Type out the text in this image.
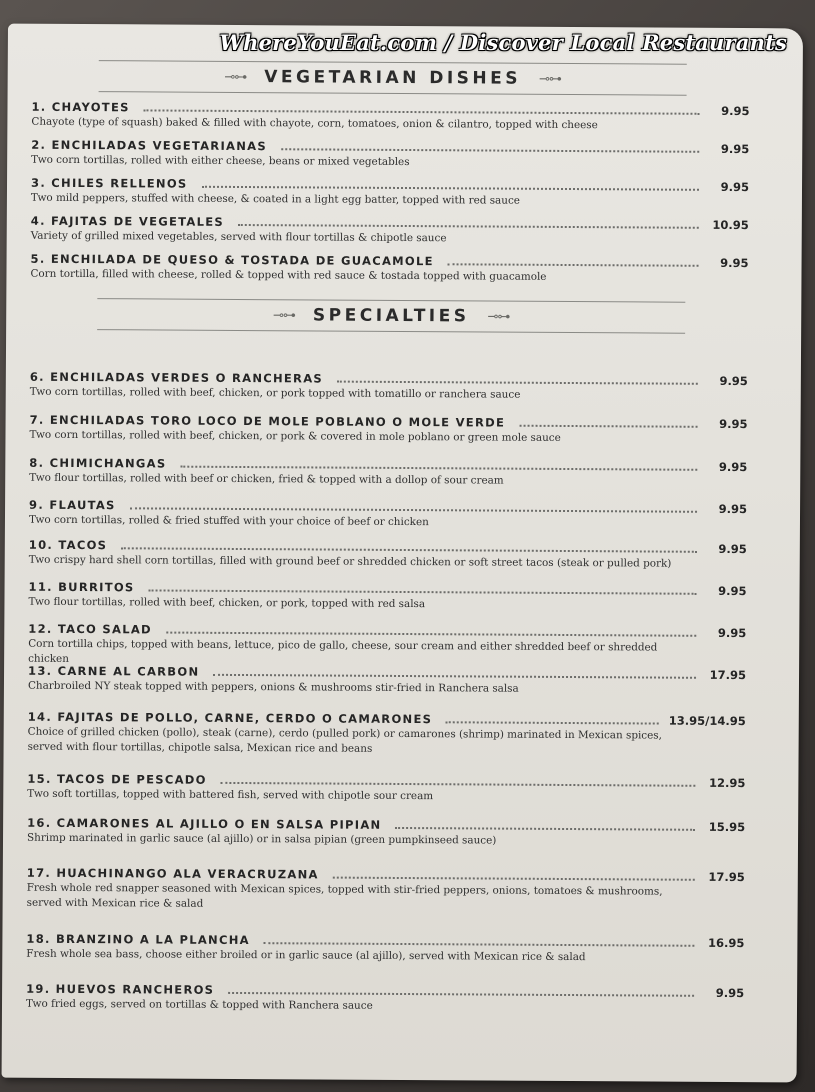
⊸⊶ VEGETARIAN DISHES ⊸⊶
1. CHAYOTES	9.95
Chayote (type of squash) baked & filled with chayote, corn, tomatoes, onion & cilantro, topped with cheese
2. ENCHILADAS VEGETARIANAS	9.95
Two corn tortillas, rolled with either cheese, beans or mixed vegetables
3. CHILES RELLENOS	9.95
Two mild peppers, stuffed with cheese, & coated in a light egg batter, topped with red sauce
4. FAJITAS DE VEGETALES	10.95
Variety of grilled mixed vegetables, served with flour tortillas & chipotle sauce
5. ENCHILADA DE QUESO & TOSTADA DE GUACAMOLE	9.95
Corn tortilla, filled with cheese, rolled & topped with red sauce & tostada topped with guacamole
⊸⊶ SPECIALTIES ⊸⊶
6. ENCHILADAS VERDES O RANCHERAS	9.95
Two corn tortillas, rolled with beef, chicken, or pork topped with tomatillo or ranchera sauce
7. ENCHILADAS TORO LOCO DE MOLE POBLANO O MOLE VERDE	9.95
Two corn tortillas, rolled with beef, chicken, or pork & covered in mole poblano or green mole sauce
8. CHIMICHANGAS	9.95
Two flour tortillas, rolled with beef or chicken, fried & topped with a dollop of sour cream
9. FLAUTAS	9.95
Two corn tortillas, rolled & fried stuffed with your choice of beef or chicken
10. TACOS	9.95
Two crispy hard shell corn tortillas, filled with ground beef or shredded chicken or soft street tacos (steak or pulled pork)
11. BURRITOS	9.95
Two flour tortillas, rolled with beef, chicken, or pork, topped with red salsa
12. TACO SALAD	9.95
Corn tortilla chips, topped with beans, lettuce, pico de gallo, cheese, sour cream and either shredded beef or shredded chicken
13. CARNE AL CARBON	17.95
Charbroiled NY steak topped with peppers, onions & mushrooms stir-fried in Ranchera salsa
14. FAJITAS DE POLLO, CARNE, CERDO O CAMARONES	13.95/14.95
Choice of grilled chicken (pollo), steak (carne), cerdo (pulled pork) or camarones (shrimp) marinated in Mexican spices, served with flour tortillas, chipotle salsa, Mexican rice and beans
15. TACOS DE PESCADO	12.95
Two soft tortillas, topped with battered fish, served with chipotle sour cream
16. CAMARONES AL AJILLO O EN SALSA PIPIAN	15.95
Shrimp marinated in garlic sauce (al ajillo) or in salsa pipian (green pumpkinseed sauce)
17. HUACHINANGO ALA VERACRUZANA	17.95
Fresh whole red snapper seasoned with Mexican spices, topped with stir-fried peppers, onions, tomatoes & mushrooms, served with Mexican rice & salad
18. BRANZINO A LA PLANCHA	16.95
Fresh whole sea bass, choose either broiled or in garlic sauce (al ajillo), served with Mexican rice & salad
19. HUEVOS RANCHEROS	9.95
Two fried eggs, served on tortillas & topped with Ranchera sauce
WhereYouEat.com / Discover Local Restaurants
